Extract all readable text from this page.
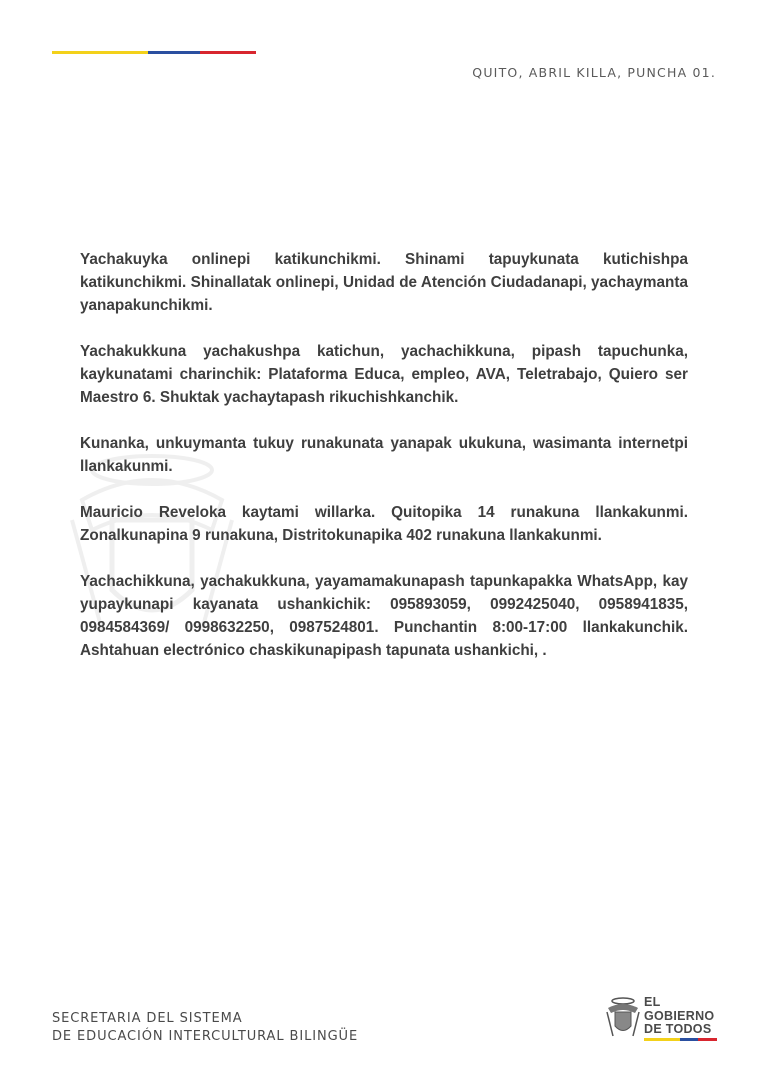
QUITO, ABRIL KILLA, PUNCHA 01.

Yachakuyka onlinepi katikunchikmi. Shinami tapuykunata kutichishpa katikunchikmi. Shinallatak onlinepi, Unidad de Atención Ciudadanapi, yachaymanta yanapakunchikmi.

Yachakukkuna yachakushpa katichun, yachachikkuna, pipash tapuchunka, kaykunatami charinchik: Plataforma Educa, empleo, AVA, Teletrabajo, Quiero ser Maestro 6. Shuktak yachaytapash rikuchishkanchik.

Kunanka, unkuymanta tukuy runakunata yanapak ukukuna, wasimanta internetpi llankakunmi.

Mauricio Reveloka kaytami willarka. Quitopika 14 runakuna llankakunmi. Zonalkunapina 9 runakuna, Distritokunapika 402 runakuna llankakunmi.

Yachachikkuna, yachakukkuna, yayamamakunapash tapunkapakka WhatsApp, kay yupaykunapi kayanata ushankichik: 095893059, 0992425040, 0958941835, 0984584369/ 0998632250, 0987524801. Punchantin 8:00-17:00 llankakunchik. Ashtahuan electrónico chaskikunapipash tapunata ushankichi, .

SECRETARIA DEL SISTEMA
DE EDUCACIÓN INTERCULTURAL BILINGÜE
EL
GOBIERNO
DE TODOS
